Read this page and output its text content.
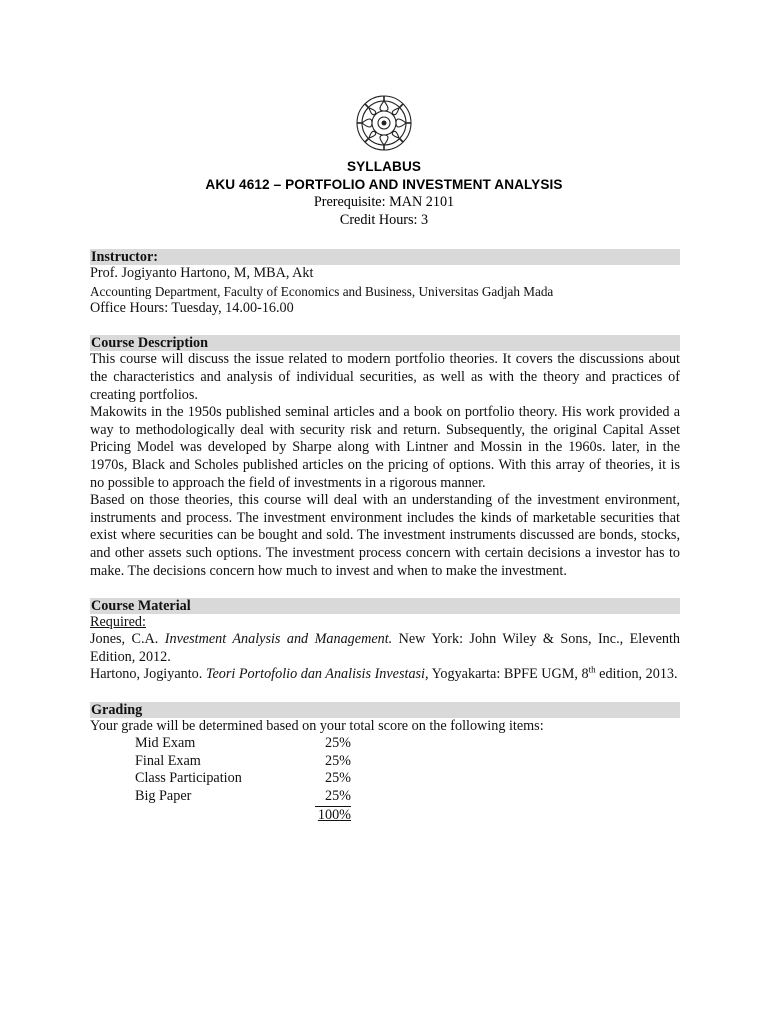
SYLLABUS
AKU 4612 – PORTFOLIO AND INVESTMENT ANALYSIS
Prerequisite: MAN 2101
Credit Hours: 3
Instructor:
Prof. Jogiyanto Hartono, M, MBA, Akt
Accounting Department, Faculty of Economics and Business, Universitas Gadjah Mada
Office Hours: Tuesday, 14.00-16.00
Course Description

This course will discuss the issue related to modern portfolio theories. It covers the discussions about the characteristics and analysis of individual securities, as well as with the theory and practices of creating portfolios.

Makowits in the 1950s published seminal articles and a book on portfolio theory. His work provided a way to methodologically deal with security risk and return. Subsequently, the original Capital Asset Pricing Model was developed by Sharpe along with Lintner and Mossin in the 1960s. later, in the 1970s, Black and Scholes published articles on the pricing of options. With this array of theories, it is no possible to approach the field of investments in a rigorous manner.

Based on those theories, this course will deal with an understanding of the investment environment, instruments and process. The investment environment includes the kinds of marketable securities that exist where securities can be bought and sold. The investment instruments discussed are bonds, stocks, and other assets such options. The investment process concern with certain decisions a investor has to make. The decisions concern how much to invest and when to make the investment.

Course Material
Required:

Jones, C.A. Investment Analysis and Management. New York: John Wiley & Sons, Inc., Eleventh Edition, 2012.

Hartono, Jogiyanto. Teori Portofolio dan Analisis Investasi, Yogyakarta: BPFE UGM, 8th edition, 2013.

Grading
Your grade will be determined based on your total score on the following items:
Mid Exam	25%
Final Exam	25%
Class Participation	25%
Big Paper	25%
	100%
